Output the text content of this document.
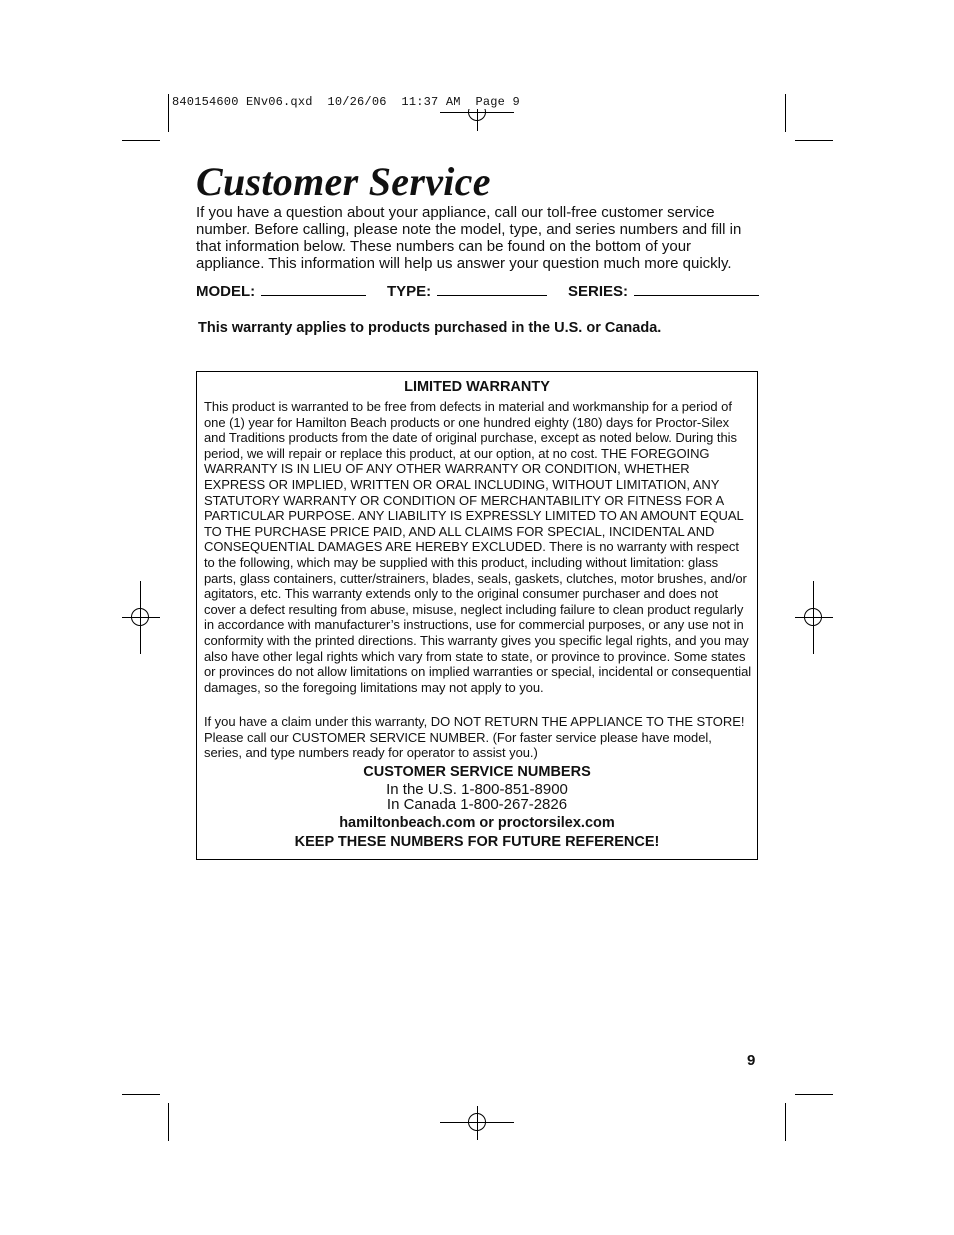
840154600 ENv06.qxd  10/26/06  11:37 AM  Page 9
Customer Service

If you have a question about your appliance, call our toll-free customer service number. Before calling, please note the model, type, and series numbers and fill in that information below. These numbers can be found on the bottom of your appliance. This information will help us answer your question much more quickly.

MODEL:	TYPE:	SERIES:

This warranty applies to products purchased in the U.S. or Canada.

LIMITED WARRANTY

This product is warranted to be free from defects in material and workmanship for a period of one (1) year for Hamilton Beach products or one hundred eighty (180) days for Proctor-Silex and Traditions products from the date of original purchase, except as noted below. During this period, we will repair or replace this product, at our option, at no cost. THE FOREGOING WARRANTY IS IN LIEU OF ANY OTHER WARRANTY OR CONDITION, WHETHER EXPRESS OR IMPLIED, WRITTEN OR ORAL INCLUDING, WITHOUT LIMITATION, ANY STATUTORY WARRANTY OR CONDITION OF MERCHANTABILITY OR FITNESS FOR A PARTICULAR PURPOSE. ANY LIABILITY IS EXPRESSLY LIMITED TO AN AMOUNT EQUAL TO THE PURCHASE PRICE PAID, AND ALL CLAIMS FOR SPECIAL, INCIDENTAL AND CONSEQUENTIAL DAMAGES ARE HEREBY EXCLUDED. There is no warranty with respect to the following, which may be supplied with this product, including without limitation: glass parts, glass containers, cutter/strainers, blades, seals, gaskets, clutches, motor brushes, and/or agitators, etc. This warranty extends only to the original consumer purchaser and does not cover a defect resulting from abuse, misuse, neglect including failure to clean product regularly in accordance with manufacturer’s instructions, use for commercial purposes, or any use not in conformity with the printed directions. This warranty gives you specific legal rights, and you may also have other legal rights which vary from state to state, or province to province. Some states or provinces do not allow limitations on implied warranties or special, incidental or consequential damages, so the foregoing limitations may not apply to you.

If you have a claim under this warranty, DO NOT RETURN THE APPLIANCE TO THE STORE! Please call our CUSTOMER SERVICE NUMBER. (For faster service please have model, series, and type numbers ready for operator to assist you.)

CUSTOMER SERVICE NUMBERS

In the U.S. 1-800-851-8900

In Canada 1-800-267-2826

hamiltonbeach.com or proctorsilex.com

KEEP THESE NUMBERS FOR FUTURE REFERENCE!

9
